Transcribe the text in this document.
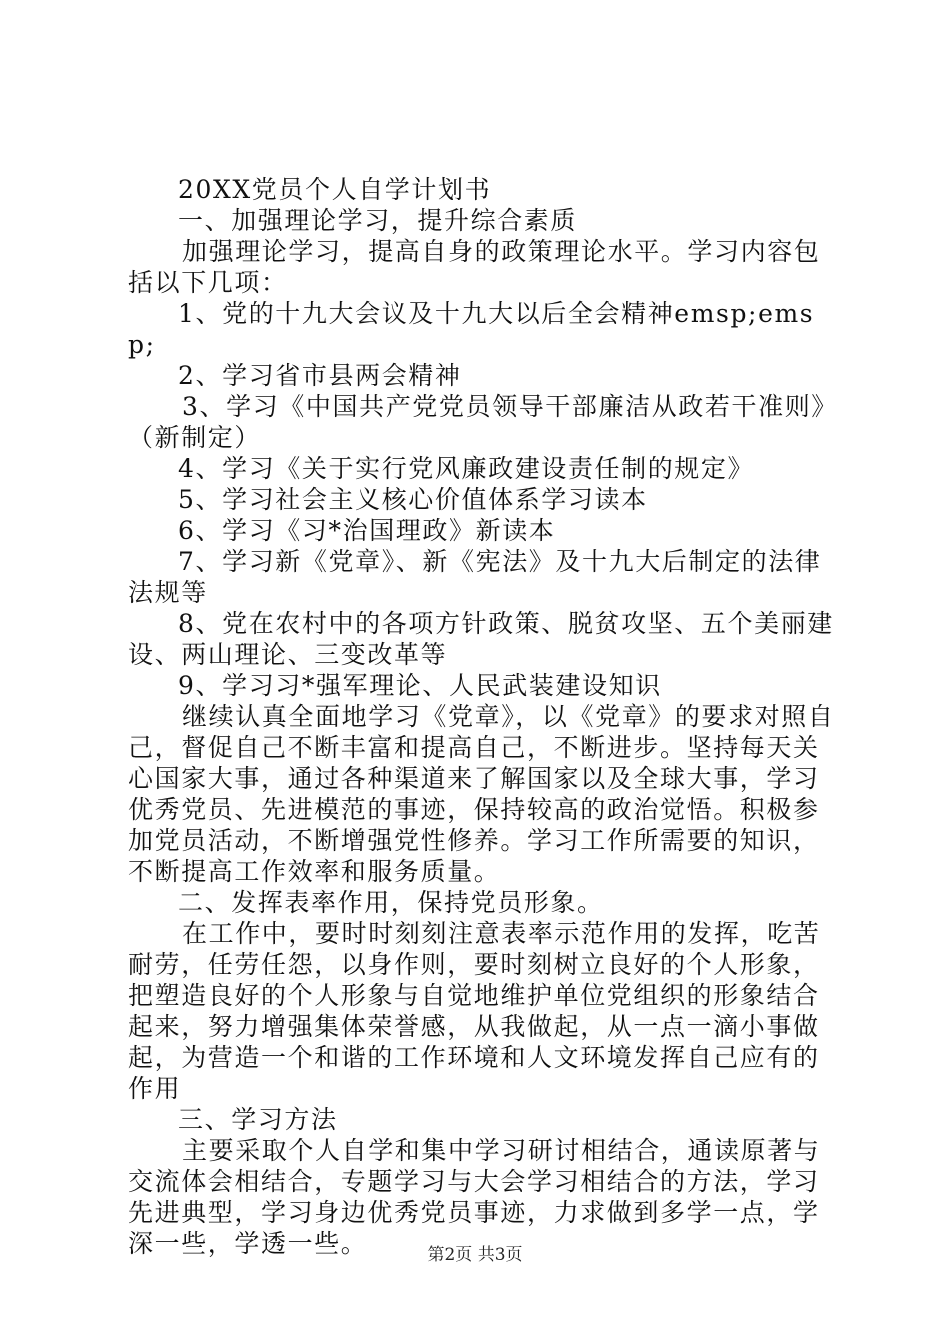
20XX党员个人自学计划书

一、加强理论学习，提升综合素质

加强理论学习，提高自身的政策理论水平。学习内容包括以下几项：

1、党的十九大会议及十九大以后全会精神emsp;emsp;

2、学习省市县两会精神

3、学习《中国共产党党员领导干部廉洁从政若干准则》（新制定）

4、学习《关于实行党风廉政建设责任制的规定》

5、学习社会主义核心价值体系学习读本

6、学习《习*治国理政》新读本

7、学习新《党章》、新《宪法》及十九大后制定的法律法规等

8、党在农村中的各项方针政策、脱贫攻坚、五个美丽建设、两山理论、三变改革等

9、学习习*强军理论、人民武装建设知识

继续认真全面地学习《党章》，以《党章》的要求对照自己，督促自己不断丰富和提高自己，不断进步。坚持每天关心国家大事，通过各种渠道来了解国家以及全球大事，学习优秀党员、先进模范的事迹，保持较高的政治觉悟。积极参加党员活动，不断增强党性修养。学习工作所需要的知识，不断提高工作效率和服务质量。

二、发挥表率作用，保持党员形象。

在工作中，要时时刻刻注意表率示范作用的发挥，吃苦耐劳，任劳任怨，以身作则，要时刻树立良好的个人形象，把塑造良好的个人形象与自觉地维护单位党组织的形象结合起来，努力增强集体荣誉感，从我做起，从一点一滴小事做起，为营造一个和谐的工作环境和人文环境发挥自己应有的作用

三、学习方法

主要采取个人自学和集中学习研讨相结合，通读原著与交流体会相结合，专题学习与大会学习相结合的方法，学习先进典型，学习身边优秀党员事迹，力求做到多学一点，学深一些，学透一些。	第2页 共3页
